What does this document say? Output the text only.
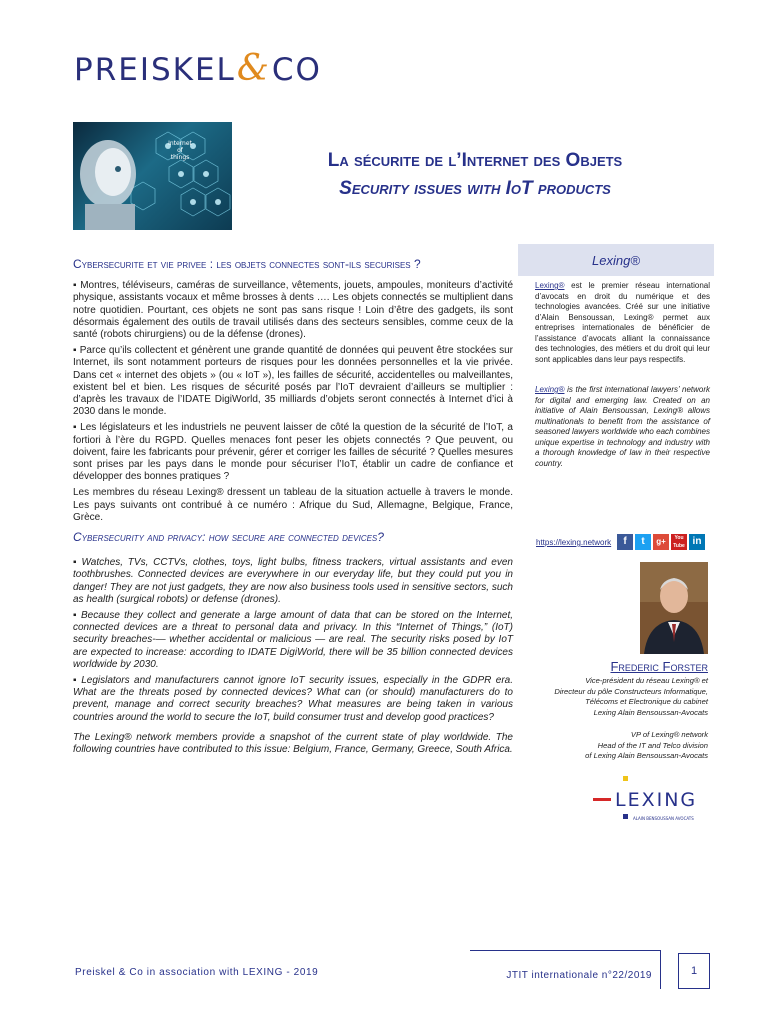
PREISKEL&CO
Internet
of
things	La sécurite de l’Internet des Objets
Security issues with IoT products
Cybersecurite et vie privee : les objets connectes sont-ils securises ?

▪ Montres, téléviseurs, caméras de surveillance, vêtements, jouets, ampoules, moniteurs d’activité physique, assistants vocaux et même brosses à dents …. Les objets connectés se multiplient dans notre quotidien. Pourtant, ces objets ne sont pas sans risque ! Loin d’être des gadgets, ils sont désormais également des outils de travail utilisés dans des secteurs sensibles, comme ceux de la santé (robots chirurgiens) ou de la défense (drones).

▪ Parce qu’ils collectent et génèrent une grande quantité de données qui peuvent être stockées sur Internet, ils sont notamment porteurs de risques pour les données personnelles et la vie privée. Dans cet « internet des objets » (ou « IoT »), les failles de sécurité, accidentelles ou malveillantes, existent bel et bien. Les risques de sécurité posés par l’IoT devraient d’ailleurs se multiplier : d’après les travaux de l’IDATE DigiWorld, 35 milliards d’objets seront connectés à Internet d’ici à 2030 dans le monde.

▪ Les législateurs et les industriels ne peuvent laisser de côté la question de la sécurité de l’IoT, a fortiori à l’ère du RGPD. Quelles menaces font peser les objets connectés ? Que peuvent, ou doivent, faire les fabricants pour prévenir, gérer et corriger les failles de sécurité ? Quelles mesures sont prises par les pays dans le monde pour sécuriser l’IoT, établir un cadre de confiance et développer des bonnes pratiques ?

Les membres du réseau Lexing® dressent un tableau de la situation actuelle à travers le monde. Les pays suivants ont contribué à ce numéro : Afrique du Sud, Allemagne, Belgique, France, Grèce.

Cybersecurity and privacy: how secure are connected devices?

▪ Watches, TVs, CCTVs, clothes, toys, light bulbs, fitness trackers, virtual assistants and even toothbrushes. Connected devices are everywhere in our everyday life, but they could put you in danger! They are not just gadgets, they are now also business tools used in sensitive sectors, such as health (surgical robots) or defense (drones).

▪ Because they collect and generate a large amount of data that can be stored on the Internet, connected devices are a threat to personal data and privacy. In this “Internet of Things,” (IoT) security breaches-— whether accidental or malicious — are real. The security risks posed by IoT are expected to increase: according to IDATE DigiWorld, there will be 35 billion connected devices worldwide by 2030.

▪ Legislators and manufacturers cannot ignore IoT security issues, especially in the GDPR era. What are the threats posed by connected devices? What can (or should) manufacturers do to prevent, manage and correct security breaches? What measures are being taken in various countries around the world to secure the IoT, build consumer trust and develop good practices?

The Lexing® network members provide a snapshot of the current state of play worldwide. The following countries have contributed to this issue: Belgium, France, Germany, Greece, South Africa.

Lexing®
Lexing® est le premier réseau international d’avocats en droit du numérique et des technologies avancées. Créé sur une initiative d’Alain Bensoussan, Lexing® permet aux entreprises internationales de bénéficier de l’assistance d’avocats alliant la connaissance des technologies, des métiers et du droit qui leur sont applicables dans leur pays respectifs.
Lexing® is the first international lawyers’ network for digital and emerging law. Created on an initiative of Alain Bensoussan, Lexing® allows multinationals to benefit from the assistance of seasoned lawyers worldwide who each combines unique expertise in technology and industry with a thorough knowledge of law in their respective country.
https://lexing.network	f	t	g+	You Tube in
Frederic Forster
Vice-président du réseau Lexing® et
Directeur du pôle Constructeurs Informatique,
Télécoms et Electronique du cabinet
Lexing Alain Bensoussan-Avocats
VP of Lexing® network
Head of the IT and Telco division
of Lexing Alain Bensoussan-Avocats
LEXING
ALAIN BENSOUSSAN AVOCATS
Preiskel & Co in association with LEXING - 2019	JTIT internationale n°22/2019	1
